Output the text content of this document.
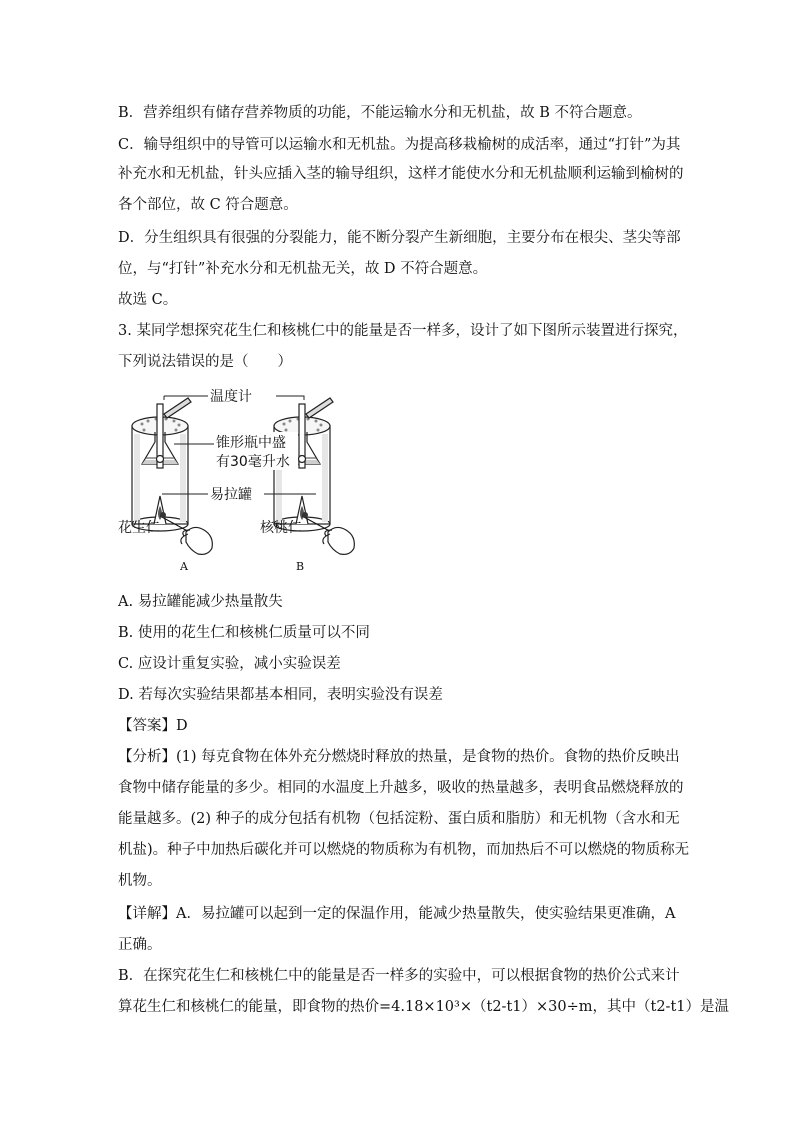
B．营养组织有储存营养物质的功能，不能运输水分和无机盐，故 B 不符合题意。
C．输导组织中的导管可以运输水和无机盐。为提高移栽榆树的成活率，通过“打针”为其
补充水和无机盐，针头应插入茎的输导组织，这样才能使水分和无机盐顺利运输到榆树的
各个部位，故 C 符合题意。
D．分生组织具有很强的分裂能力，能不断分裂产生新细胞，主要分布在根尖、茎尖等部
位，与“打针”补充水分和无机盐无关，故 D 不符合题意。
故选 C。
3. 某同学想探究花生仁和核桃仁中的能量是否一样多，设计了如下图所示装置进行探究，
下列说法错误的是（　　）
温度计
锥形瓶中盛
有30毫升水
易拉罐
花生仁	核桃仁
A	B
A. 易拉罐能减少热量散失
B. 使用的花生仁和核桃仁质量可以不同
C. 应设计重复实验，减小实验误差
D. 若每次实验结果都基本相同，表明实验没有误差
【答案】D
【分析】(1) 每克食物在体外充分燃烧时释放的热量，是食物的热价。食物的热价反映出
食物中储存能量的多少。相同的水温度上升越多，吸收的热量越多，表明食品燃烧释放的
能量越多。(2) 种子的成分包括有机物（包括淀粉、蛋白质和脂肪）和无机物（含水和无
机盐)。种子中加热后碳化并可以燃烧的物质称为有机物，而加热后不可以燃烧的物质称无
机物。
【详解】A．易拉罐可以起到一定的保温作用，能减少热量散失，使实验结果更准确，A
正确。
B．在探究花生仁和核桃仁中的能量是否一样多的实验中，可以根据食物的热价公式来计
算花生仁和核桃仁的能量，即食物的热价=4.18×10³×（t2-t1）×30÷m，其中（t2-t1）是温
